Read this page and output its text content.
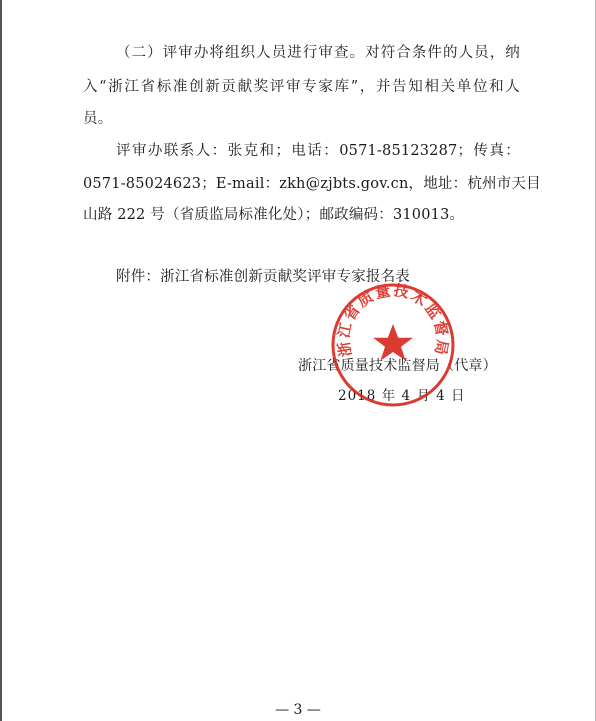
（二）评审办将组织人员进行审查。对符合条件的人员，纳
入“浙江省标准创新贡献奖评审专家库”，并告知相关单位和人
员。
评审办联系人：张克和；电话：0571-85123287；传真：
0571-85024623；E-mail：zkh@zjbts.gov.cn，地址：杭州市天目
山路 222 号（省质监局标准化处）；邮政编码：310013。
附件：浙江省标准创新贡献奖评审专家报名表
浙江省质量技术监督局（代章）
2018 年 4 月 4 日
浙江省质量技术监督局
— 3 —
